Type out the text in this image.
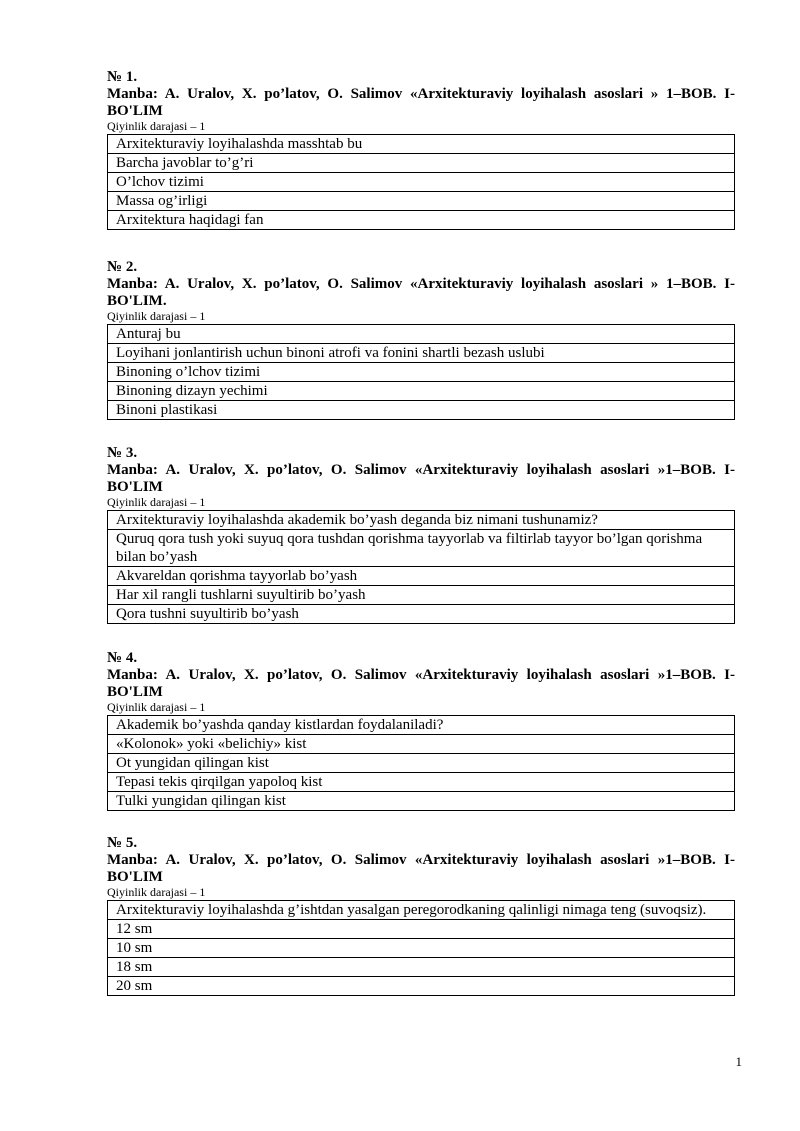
№ 1.
Manba: A. Uralov, X. po’latov, O. Salimov «Arxitekturaviy loyihalash asoslari » 1–BOB. I-BO'LIM
Qiyinlik darajasi – 1
Arxitekturaviy loyihalashda masshtab bu
Barcha javoblar to’g’ri
O’lchov tizimi
Massa og’irligi
Arxitektura haqidagi fan
№ 2.
Manba: A. Uralov, X. po’latov, O. Salimov «Arxitekturaviy loyihalash asoslari » 1–BOB. I-BO'LIM.
Qiyinlik darajasi – 1
Anturaj bu
Loyihani jonlantirish uchun binoni atrofi va fonini shartli bezash uslubi
Binoning o’lchov tizimi
Binoning dizayn yechimi
Binoni plastikasi
№ 3.
Manba: A. Uralov, X. po’latov, O. Salimov «Arxitekturaviy loyihalash asoslari »1–BOB. I-BO'LIM
Qiyinlik darajasi – 1
Arxitekturaviy loyihalashda akademik bo’yash deganda biz nimani tushunamiz?
Quruq qora tush yoki suyuq qora tushdan qorishma tayyorlab va filtirlab tayyor bo’lgan qorishma bilan bo’yash
Akvareldan qorishma tayyorlab bo’yash
Har xil rangli tushlarni suyultirib bo’yash
Qora tushni suyultirib bo’yash
№ 4.
Manba: A. Uralov, X. po’latov, O. Salimov «Arxitekturaviy loyihalash asoslari »1–BOB. I-BO'LIM
Qiyinlik darajasi – 1
Akademik bo’yashda qanday kistlardan foydalaniladi?
«Kolonok» yoki «belichiy» kist
Ot yungidan qilingan kist
Tepasi tekis qirqilgan yapoloq kist
Tulki yungidan qilingan kist
№ 5.
Manba: A. Uralov, X. po’latov, O. Salimov «Arxitekturaviy loyihalash asoslari »1–BOB. I-BO'LIM
Qiyinlik darajasi – 1
Arxitekturaviy loyihalashda g’ishtdan yasalgan peregorodkaning qalinligi nimaga teng (suvoqsiz).
12 sm
10 sm
18 sm
20 sm
1
